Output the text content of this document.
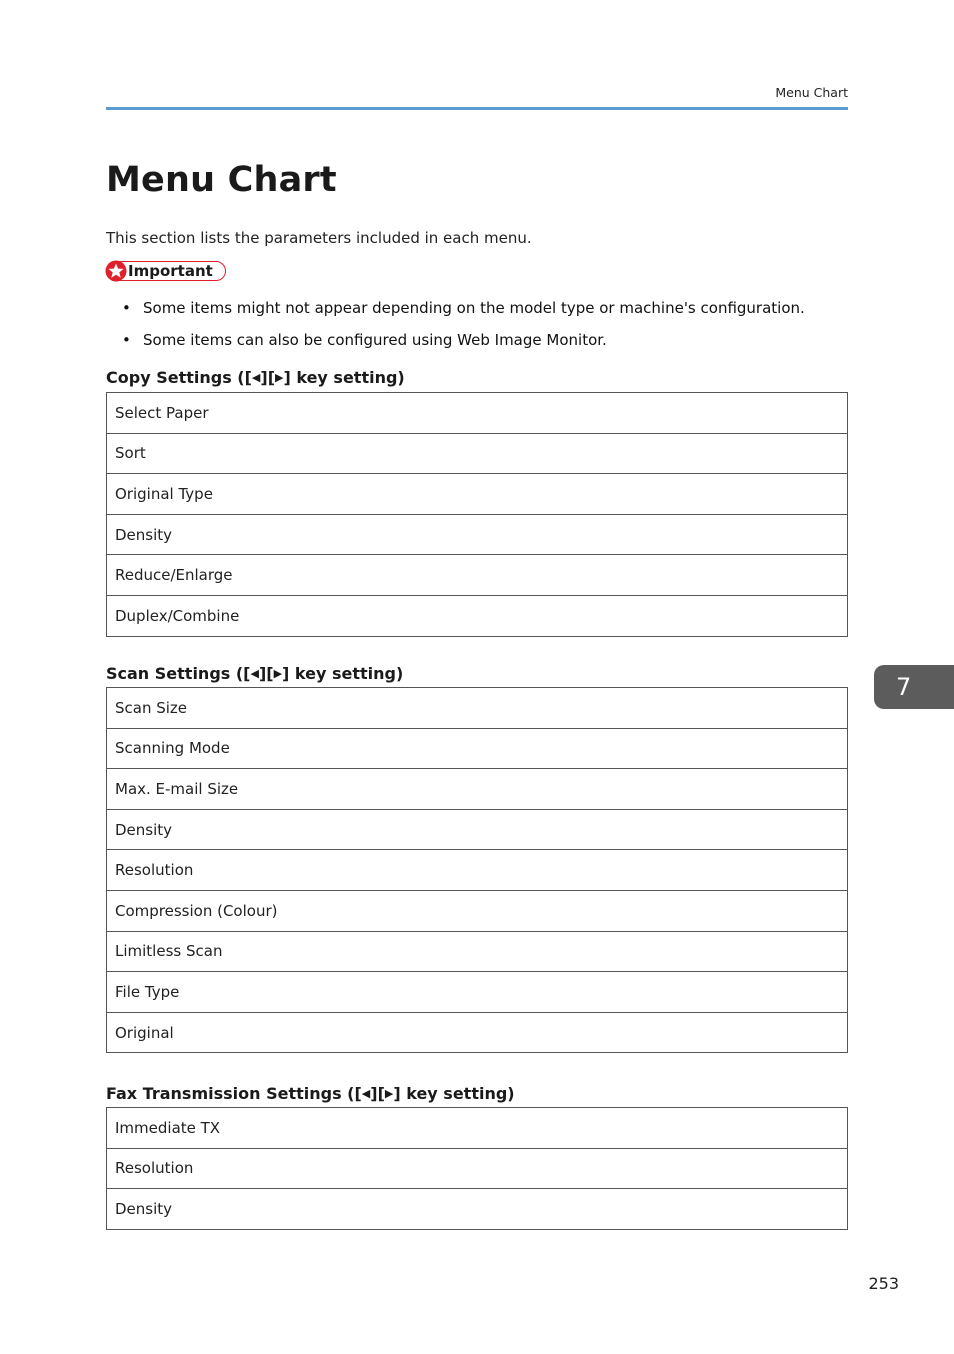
Menu Chart
Menu Chart

This section lists the parameters included in each menu.

Important
• Some items might not appear depending on the model type or machine's configuration.
• Some items can also be configured using Web Image Monitor.
Copy Settings ([◀][▶] key setting)
Select Paper
Sort
Original Type
Density
Reduce/Enlarge
Duplex/Combine
Scan Settings ([◀][▶] key setting)
Scan Size
Scanning Mode
Max. E-mail Size
Density
Resolution
Compression (Colour)
Limitless Scan
File Type
Original
Fax Transmission Settings ([◀][▶] key setting)
Immediate TX
Resolution
Density
7
253
